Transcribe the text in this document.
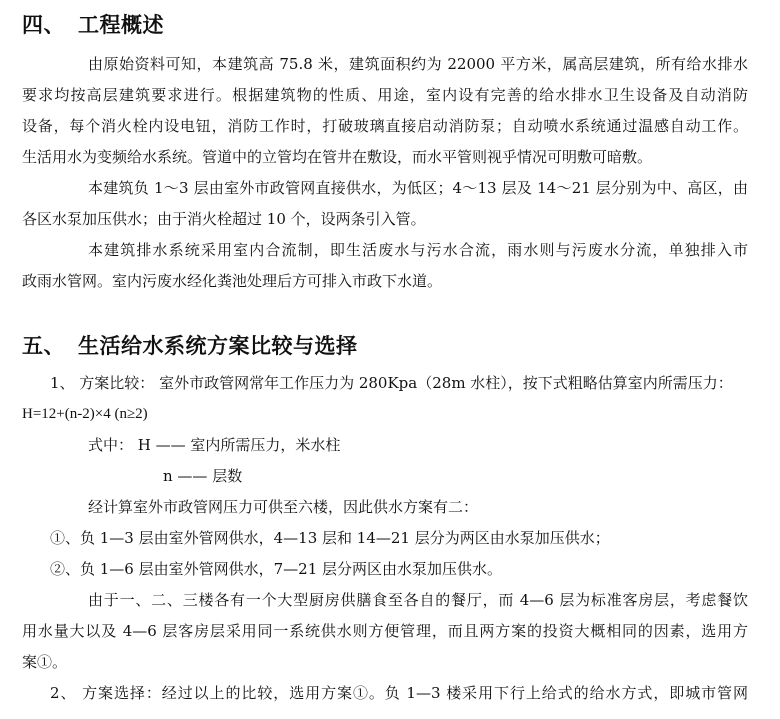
四、 工程概述
由原始资料可知，本建筑高 75.8 米，建筑面积约为 22000 平方米，属高层建筑，所有给水排水
要求均按高层建筑要求进行。根据建筑物的性质、用途，室内设有完善的给水排水卫生设备及自动消防
设备，每个消火栓内设电钮，消防工作时，打破玻璃直接启动消防泵；自动喷水系统通过温感自动工作。
生活用水为变频给水系统。管道中的立管均在管井在敷设，而水平管则视乎情况可明敷可暗敷。
本建筑负 1～3 层由室外市政管网直接供水，为低区；4～13 层及 14～21 层分别为中、高区，由
各区水泵加压供水；由于消火栓超过 10 个，设两条引入管。
本建筑排水系统采用室内合流制，即生活废水与污水合流，雨水则与污废水分流，单独排入市
政雨水管网。室内污废水经化粪池处理后方可排入市政下水道。
五、 生活给水系统方案比较与选择
1、 方案比较： 室外市政管网常年工作压力为 280Kpa（28m 水柱），按下式粗略估算室内所需压力：
H=12+(n-2)×4 (n≥2)
式中： H —— 室内所需压力，米水柱
n —— 层数
经计算室外市政管网压力可供至六楼，因此供水方案有二：
①、负 1—3 层由室外管网供水，4—13 层和 14—21 层分为两区由水泵加压供水；
②、负 1—6 层由室外管网供水，7—21 层分两区由水泵加压供水。
由于一、二、三楼各有一个大型厨房供膳食至各自的餐厅，而 4—6 层为标准客房层，考虑餐饮
用水量大以及 4—6 层客房层采用同一系统供水则方便管理，而且两方案的投资大概相同的因素，选用方
案①。
2、 方案选择：经过以上的比较，选用方案①。负 1—3 楼采用下行上给式的给水方式，即城市管网
